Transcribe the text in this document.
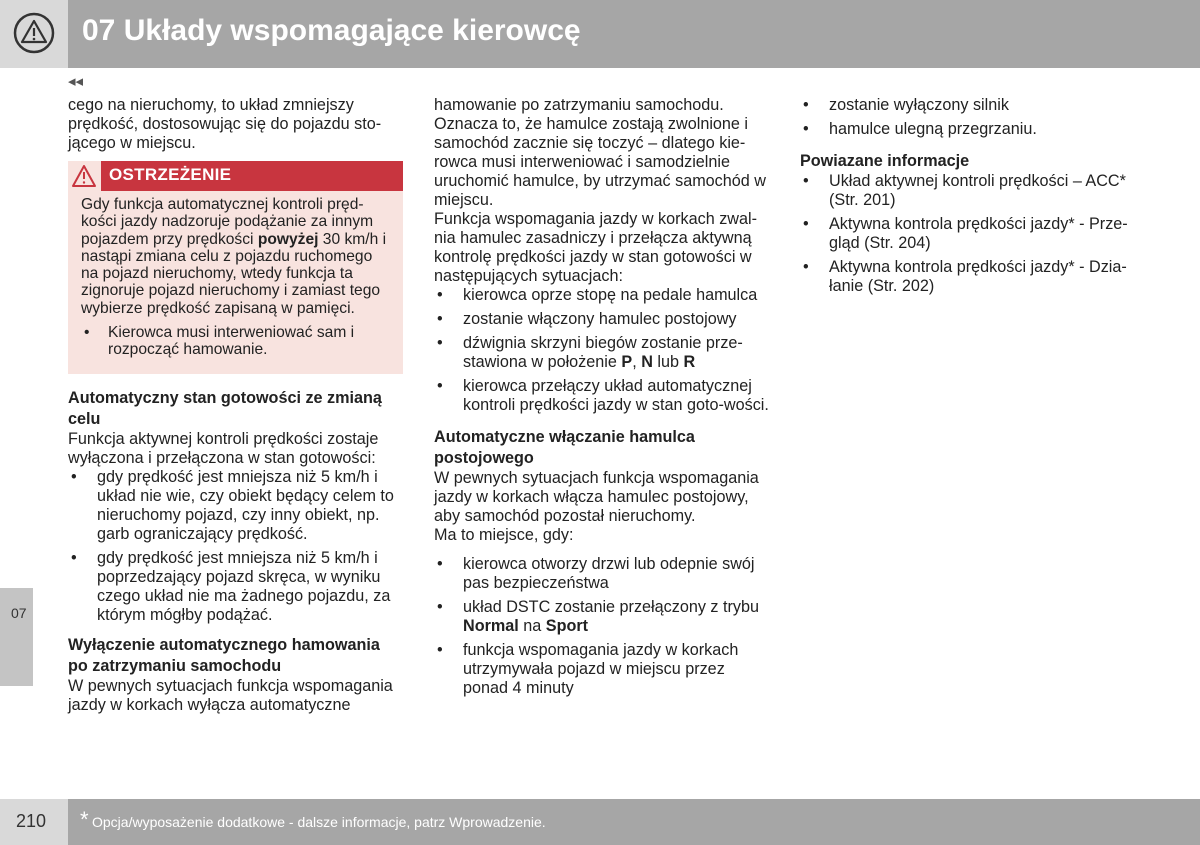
07 Układy wspomagające kierowcę
◂◂
07

cego na nieruchomy, to układ zmniejszy prędkość, dostosowując się do pojazdu sto-jącego w miejscu.

OSTRZEŻENIE

Gdy funkcja automatycznej kontroli pręd-kości jazdy nadzoruje podążanie za innym pojazdem przy prędkości powyżej 30 km/h i nastąpi zmiana celu z pojazdu ruchomego na pojazd nieruchomy, wtedy funkcja ta zignoruje pojazd nieruchomy i zamiast tego wybierze prędkość zapisaną w pamięci.

• Kierowca musi interweniować sam i rozpocząć hamowanie.

Automatyczny stan gotowości ze zmianą celu

Funkcja aktywnej kontroli prędkości zostaje wyłączona i przełączona w stan gotowości:

• gdy prędkość jest mniejsza niż 5 km/h i układ nie wie, czy obiekt będący celem to nieruchomy pojazd, czy inny obiekt, np. garb ograniczający prędkość.
• gdy prędkość jest mniejsza niż 5 km/h i poprzedzający pojazd skręca, w wyniku czego układ nie ma żadnego pojazdu, za którym mógłby podążać.

Wyłączenie automatycznego hamowania po zatrzymaniu samochodu

W pewnych sytuacjach funkcja wspomagania jazdy w korkach wyłącza automatyczne

hamowanie po zatrzymaniu samochodu. Oznacza to, że hamulce zostają zwolnione i samochód zacznie się toczyć – dlatego kie-rowca musi interweniować i samodzielnie uruchomić hamulce, by utrzymać samochód w miejscu.

Funkcja wspomagania jazdy w korkach zwal-nia hamulec zasadniczy i przełącza aktywną kontrolę prędkości jazdy w stan gotowości w następujących sytuacjach:

• kierowca oprze stopę na pedale hamulca
• zostanie włączony hamulec postojowy
• dźwignia skrzyni biegów zostanie prze-stawiona w położenie P, N lub R
• kierowca przełączy układ automatycznej kontroli prędkości jazdy w stan goto-wości.

Automatyczne włączanie hamulca postojowego

W pewnych sytuacjach funkcja wspomagania jazdy w korkach włącza hamulec postojowy, aby samochód pozostał nieruchomy.

Ma to miejsce, gdy:

• kierowca otworzy drzwi lub odepnie swój pas bezpieczeństwa
• układ DSTC zostanie przełączony z trybu Normal na Sport
• funkcja wspomagania jazdy w korkach utrzymywała pojazd w miejscu przez ponad 4 minuty
• zostanie wyłączony silnik
• hamulce ulegną przegrzaniu.

Powiazane informacje

• Układ aktywnej kontroli prędkości – ACC* (Str. 201)
• Aktywna kontrola prędkości jazdy* - Prze-gląd (Str. 204)
• Aktywna kontrola prędkości jazdy* - Dzia-łanie (Str. 202)
210 * Opcja/wyposażenie dodatkowe - dalsze informacje, patrz Wprowadzenie.
